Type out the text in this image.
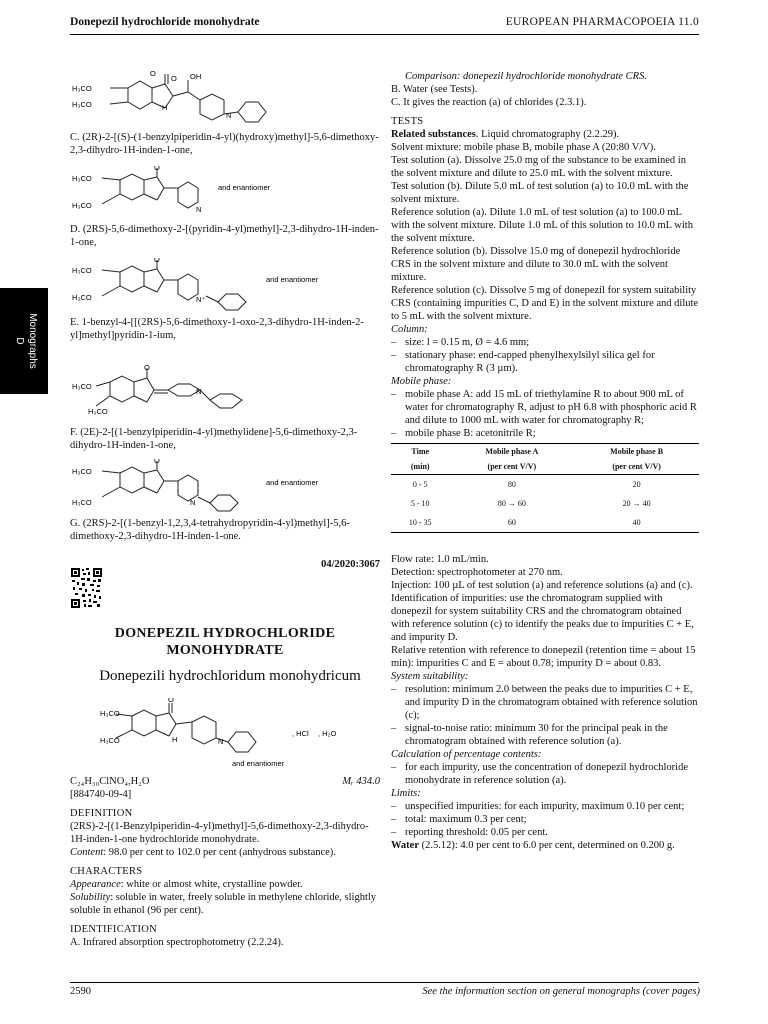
Donepezil hydrochloride monohydrate	EUROPEAN PHARMACOPOEIA 11.0
Monographs
D
H₃CO
H₃CO
O
O OH
H
N
C. (2R)-2-[(S)-(1-benzylpiperidin-4-yl)(hydroxy)methyl]-5,6-dimethoxy-2,3-dihydro-1H-inden-1-one,
H₃CO
H₃CO
O
N
and enantiomer
D. (2RS)-5,6-dimethoxy-2-[(pyridin-4-yl)methyl]-2,3-dihydro-1H-inden-1-one,
H₃CO
H₃CO
O
N⁺
and enantiomer
E. 1-benzyl-4-[[(2RS)-5,6-dimethoxy-1-oxo-2,3-dihydro-1H-inden-2-yl]methyl]pyridin-1-ium,
H₃CO
H₃CO
O
N
F. (2E)-2-[(1-benzylpiperidin-4-yl)methylidene]-5,6-dimethoxy-2,3-dihydro-1H-inden-1-one,
H₃CO
H₃CO
O
N
and enantiomer
G. (2RS)-2-[(1-benzyl-1,2,3,4-tetrahydropyridin-4-yl)methyl]-5,6-dimethoxy-2,3-dihydro-1H-inden-1-one.
04/2020:3067
DONEPEZIL HYDROCHLORIDE
MONOHYDRATE
Donepezili hydrochloridum monohydricum
H₃CO
H₃CO
O
H	N
, HCl , H₂O
and enantiomer
C₂₄H₃₀ClNO₄,H₂O	Mᵣ 434.0

[884740-09-4]

DEFINITION

(2RS)-2-[(1-Benzylpiperidin-4-yl)methyl]-5,6-dimethoxy-2,3-dihydro-1H-inden-1-one hydrochloride monohydrate.

Content: 98.0 per cent to 102.0 per cent (anhydrous substance).

CHARACTERS

Appearance: white or almost white, crystalline powder.

Solubility: soluble in water, freely soluble in methylene chloride, slightly soluble in ethanol (96 per cent).

IDENTIFICATION

A. Infrared absorption spectrophotometry (2.2.24).

Comparison: donepezil hydrochloride monohydrate CRS.

B. Water (see Tests).

C. It gives the reaction (a) of chlorides (2.3.1).

TESTS

Related substances. Liquid chromatography (2.2.29).

Solvent mixture: mobile phase B, mobile phase A (20:80 V/V).

Test solution (a). Dissolve 25.0 mg of the substance to be examined in the solvent mixture and dilute to 25.0 mL with the solvent mixture.

Test solution (b). Dilute 5.0 mL of test solution (a) to 10.0 mL with the solvent mixture.

Reference solution (a). Dilute 1.0 mL of test solution (a) to 100.0 mL with the solvent mixture. Dilute 1.0 mL of this solution to 10.0 mL with the solvent mixture.

Reference solution (b). Dissolve 15.0 mg of donepezil hydrochloride CRS in the solvent mixture and dilute to 30.0 mL with the solvent mixture.

Reference solution (c). Dissolve 5 mg of donepezil for system suitability CRS (containing impurities C, D and E) in the solvent mixture and dilute to 5 mL with the solvent mixture.

Column:

– size: l = 0.15 m, Ø = 4.6 mm;

– stationary phase: end-capped phenylhexylsilyl silica gel for chromatography R (3 µm).

Mobile phase:

– mobile phase A: add 15 mL of triethylamine R to about 900 mL of water for chromatography R, adjust to pH 6.8 with phosphoric acid R and dilute to 1000 mL with water for chromatography R;

– mobile phase B: acetonitrile R;

Time	Mobile phase A	Mobile phase B
(min)	(per cent V/V)	(per cent V/V)
0 - 5	80	20
5 - 10	80 → 60	20 → 40
10 - 35	60	40

Flow rate: 1.0 mL/min.

Detection: spectrophotometer at 270 nm.

Injection: 100 µL of test solution (a) and reference solutions (a) and (c).

Identification of impurities: use the chromatogram supplied with donepezil for system suitability CRS and the chromatogram obtained with reference solution (c) to identify the peaks due to impurities C + E, and impurity D.

Relative retention with reference to donepezil (retention time = about 15 min): impurities C and E = about 0.78; impurity D = about 0.83.

System suitability:

– resolution: minimum 2.0 between the peaks due to impurities C + E, and impurity D in the chromatogram obtained with reference solution (c);

– signal-to-noise ratio: minimum 30 for the principal peak in the chromatogram obtained with reference solution (a).

Calculation of percentage contents:

– for each impurity, use the concentration of donepezil hydrochloride monohydrate in reference solution (a).

Limits:

– unspecified impurities: for each impurity, maximum 0.10 per cent;

– total: maximum 0.3 per cent;

– reporting threshold: 0.05 per cent.

Water (2.5.12): 4.0 per cent to 6.0 per cent, determined on 0.200 g.

2590	See the information section on general monographs (cover pages)
